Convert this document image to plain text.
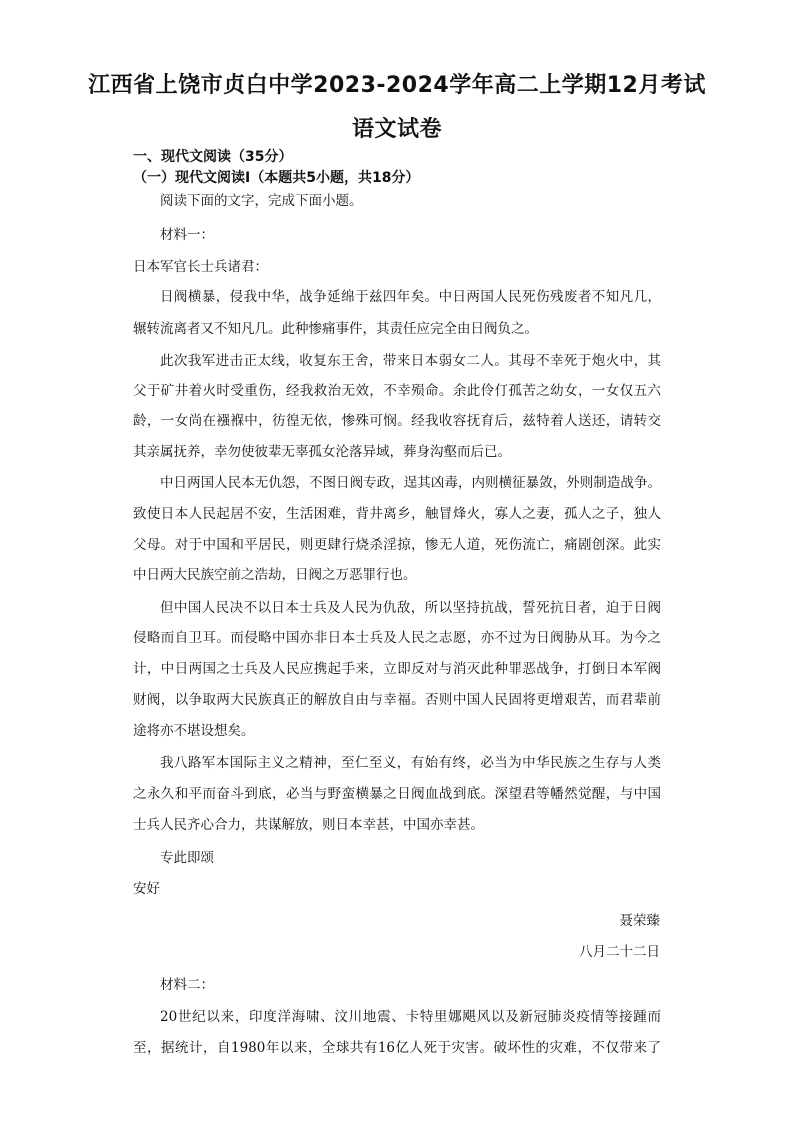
江西省上饶市贞白中学2023-2024学年高二上学期12月考试
语文试卷
一、现代文阅读（35分）
（一）现代文阅读Ⅰ（本题共5小题，共18分）
阅读下面的文字，完成下面小题。
材料一：
日本军官长士兵诸君：
日阀横暴，侵我中华，战争延绵于兹四年矣。中日两国人民死伤残废者不知凡几，
辗转流离者又不知凡几。此种惨痛事件，其责任应完全由日阀负之。
此次我军进击正太线，收复东王舍，带来日本弱女二人。其母不幸死于炮火中，其
父于矿井着火时受重伤，经我救治无效，不幸殒命。余此伶仃孤苦之幼女，一女仅五六
龄，一女尚在襁褓中，彷徨无依，惨殊可悯。经我收容抚育后，兹特着人送还，请转交
其亲属抚养，幸勿使彼辈无辜孤女沦落异域，葬身沟壑而后已。
中日两国人民本无仇怨，不图日阀专政，逞其凶毒，内则横征暴敛，外则制造战争。
致使日本人民起居不安，生活困难，背井离乡，触冒烽火，寡人之妻，孤人之子，独人
父母。对于中国和平居民，则更肆行烧杀淫掠，惨无人道，死伤流亡，痛剧创深。此实
中日两大民族空前之浩劫，日阀之万恶罪行也。
但中国人民决不以日本士兵及人民为仇敌，所以坚持抗战，誓死抗日者，迫于日阀
侵略而自卫耳。而侵略中国亦非日本士兵及人民之志愿，亦不过为日阀胁从耳。为今之
计，中日两国之士兵及人民应携起手来，立即反对与消灭此种罪恶战争，打倒日本军阀
财阀，以争取两大民族真正的解放自由与幸福。否则中国人民固将更增艰苦，而君辈前
途将亦不堪设想矣。
我八路军本国际主义之精神，至仁至义，有始有终，必当为中华民族之生存与人类
之永久和平而奋斗到底，必当与野蛮横暴之日阀血战到底。深望君等幡然觉醒，与中国
士兵人民齐心合力，共谋解放，则日本幸甚，中国亦幸甚。
专此即颂
安好
聂荣臻
八月二十二日
材料二：
20世纪以来，印度洋海啸、汶川地震、卡特里娜飓风以及新冠肺炎疫情等接踵而
至，据统计，自1980年以来，全球共有16亿人死于灾害。破坏性的灾难，不仅带来了
